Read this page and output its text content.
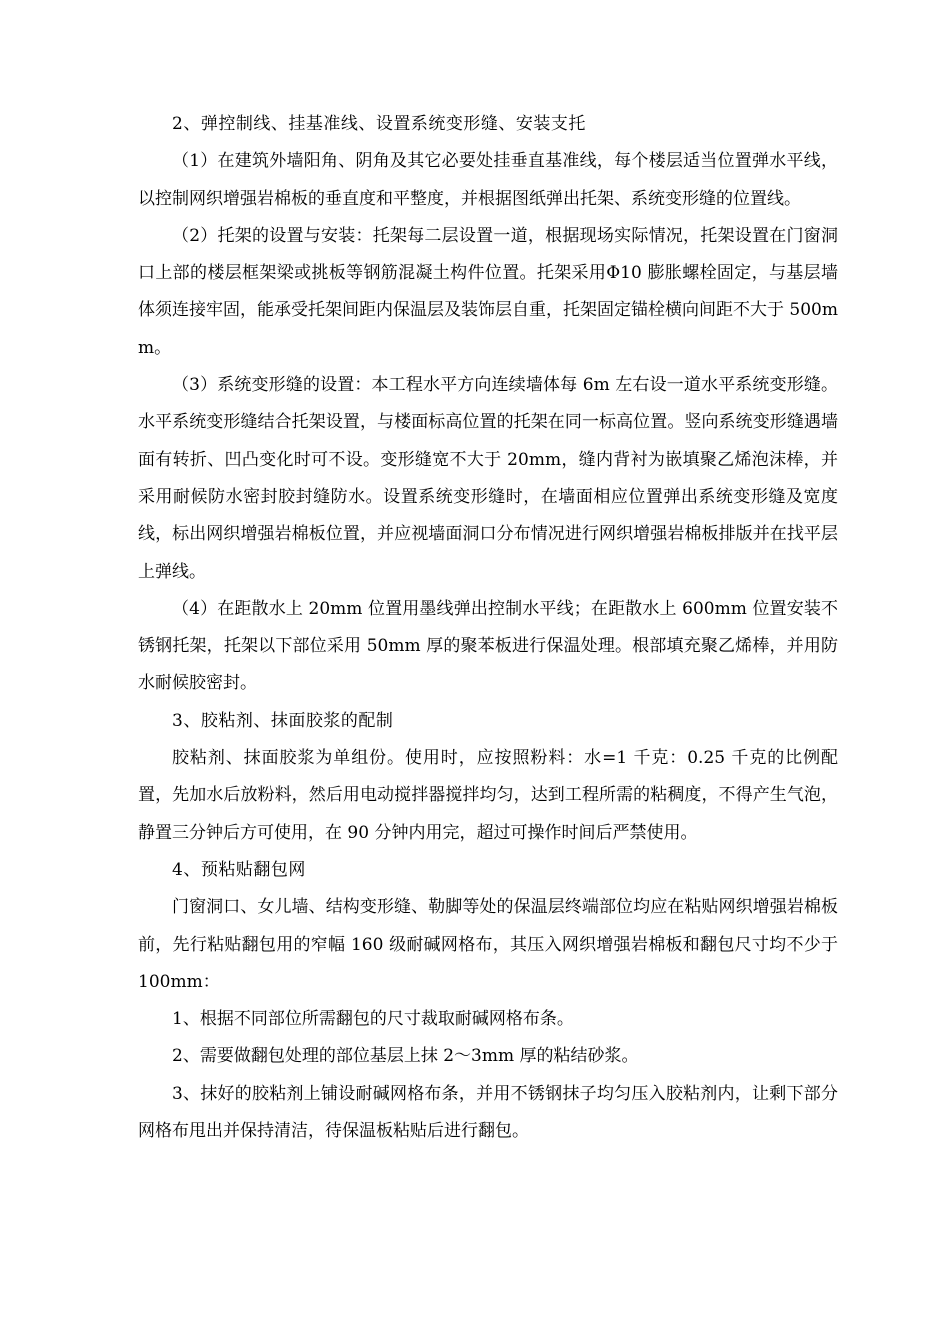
2、弹控制线、挂基准线、设置系统变形缝、安装支托

（1）在建筑外墙阳角、阴角及其它必要处挂垂直基准线，每个楼层适当位置弹水平线，以控制网织增强岩棉板的垂直度和平整度，并根据图纸弹出托架、系统变形缝的位置线。

（2）托架的设置与安装：托架每二层设置一道，根据现场实际情况，托架设置在门窗洞口上部的楼层框架梁或挑板等钢筋混凝土构件位置。托架采用Φ10 膨胀螺栓固定，与基层墙体须连接牢固，能承受托架间距内保温层及装饰层自重，托架固定锚栓横向间距不大于 500mm。

（3）系统变形缝的设置：本工程水平方向连续墙体每 6m 左右设一道水平系统变形缝。水平系统变形缝结合托架设置，与楼面标高位置的托架在同一标高位置。竖向系统变形缝遇墙面有转折、凹凸变化时可不设。变形缝宽不大于 20mm，缝内背衬为嵌填聚乙烯泡沫棒，并采用耐候防水密封胶封缝防水。设置系统变形缝时，在墙面相应位置弹出系统变形缝及宽度线，标出网织增强岩棉板位置，并应视墙面洞口分布情况进行网织增强岩棉板排版并在找平层上弹线。

（4）在距散水上 20mm 位置用墨线弹出控制水平线；在距散水上 600mm 位置安装不锈钢托架，托架以下部位采用 50mm 厚的聚苯板进行保温处理。根部填充聚乙烯棒，并用防水耐候胶密封。

3、胶粘剂、抹面胶浆的配制

胶粘剂、抹面胶浆为单组份。使用时，应按照粉料：水=1 千克：0.25 千克的比例配置，先加水后放粉料，然后用电动搅拌器搅拌均匀，达到工程所需的粘稠度，不得产生气泡，静置三分钟后方可使用，在 90 分钟内用完，超过可操作时间后严禁使用。

4、预粘贴翻包网

门窗洞口、女儿墙、结构变形缝、勒脚等处的保温层终端部位均应在粘贴网织增强岩棉板前，先行粘贴翻包用的窄幅 160 级耐碱网格布，其压入网织增强岩棉板和翻包尺寸均不少于 100mm：

1、根据不同部位所需翻包的尺寸裁取耐碱网格布条。

2、需要做翻包处理的部位基层上抹 2～3mm 厚的粘结砂浆。

3、抹好的胶粘剂上铺设耐碱网格布条，并用不锈钢抹子均匀压入胶粘剂内，让剩下部分网格布甩出并保持清洁，待保温板粘贴后进行翻包。
